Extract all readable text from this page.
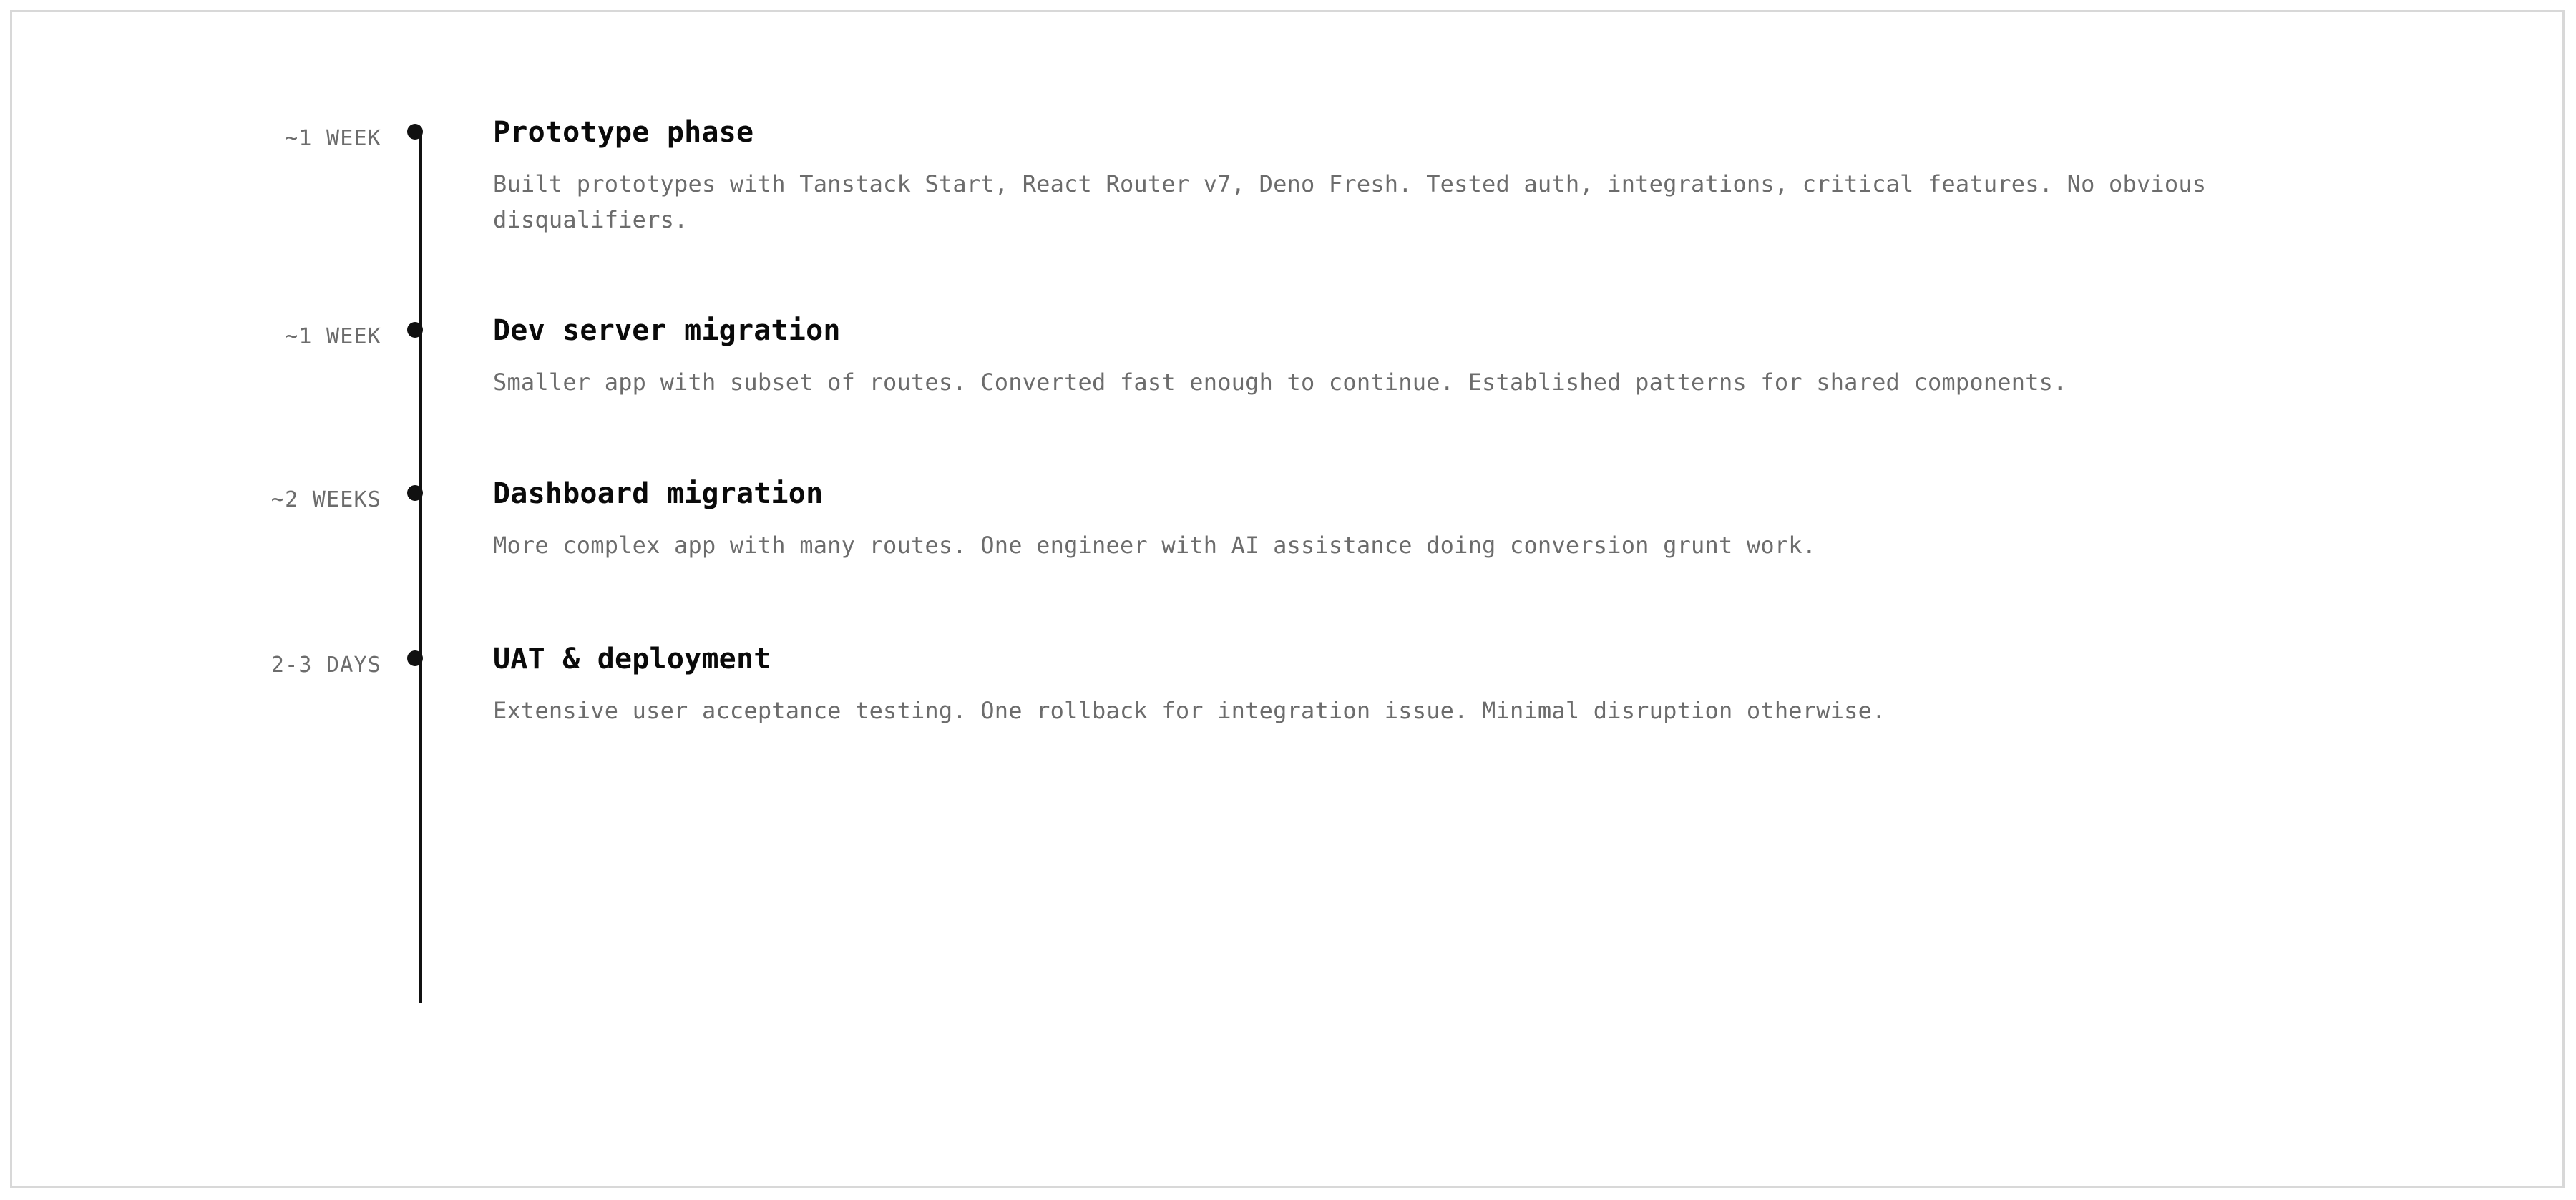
~1 WEEK	Prototype phase
Built prototypes with Tanstack Start, React Router v7, Deno Fresh. Tested auth, integrations, critical features. No obvious disqualifiers.
~1 WEEK	Dev server migration
Smaller app with subset of routes. Converted fast enough to continue. Established patterns for shared components.
~2 WEEKS	Dashboard migration
More complex app with many routes. One engineer with AI assistance doing conversion grunt work.
2-3 DAYS	UAT & deployment
Extensive user acceptance testing. One rollback for integration issue. Minimal disruption otherwise.
